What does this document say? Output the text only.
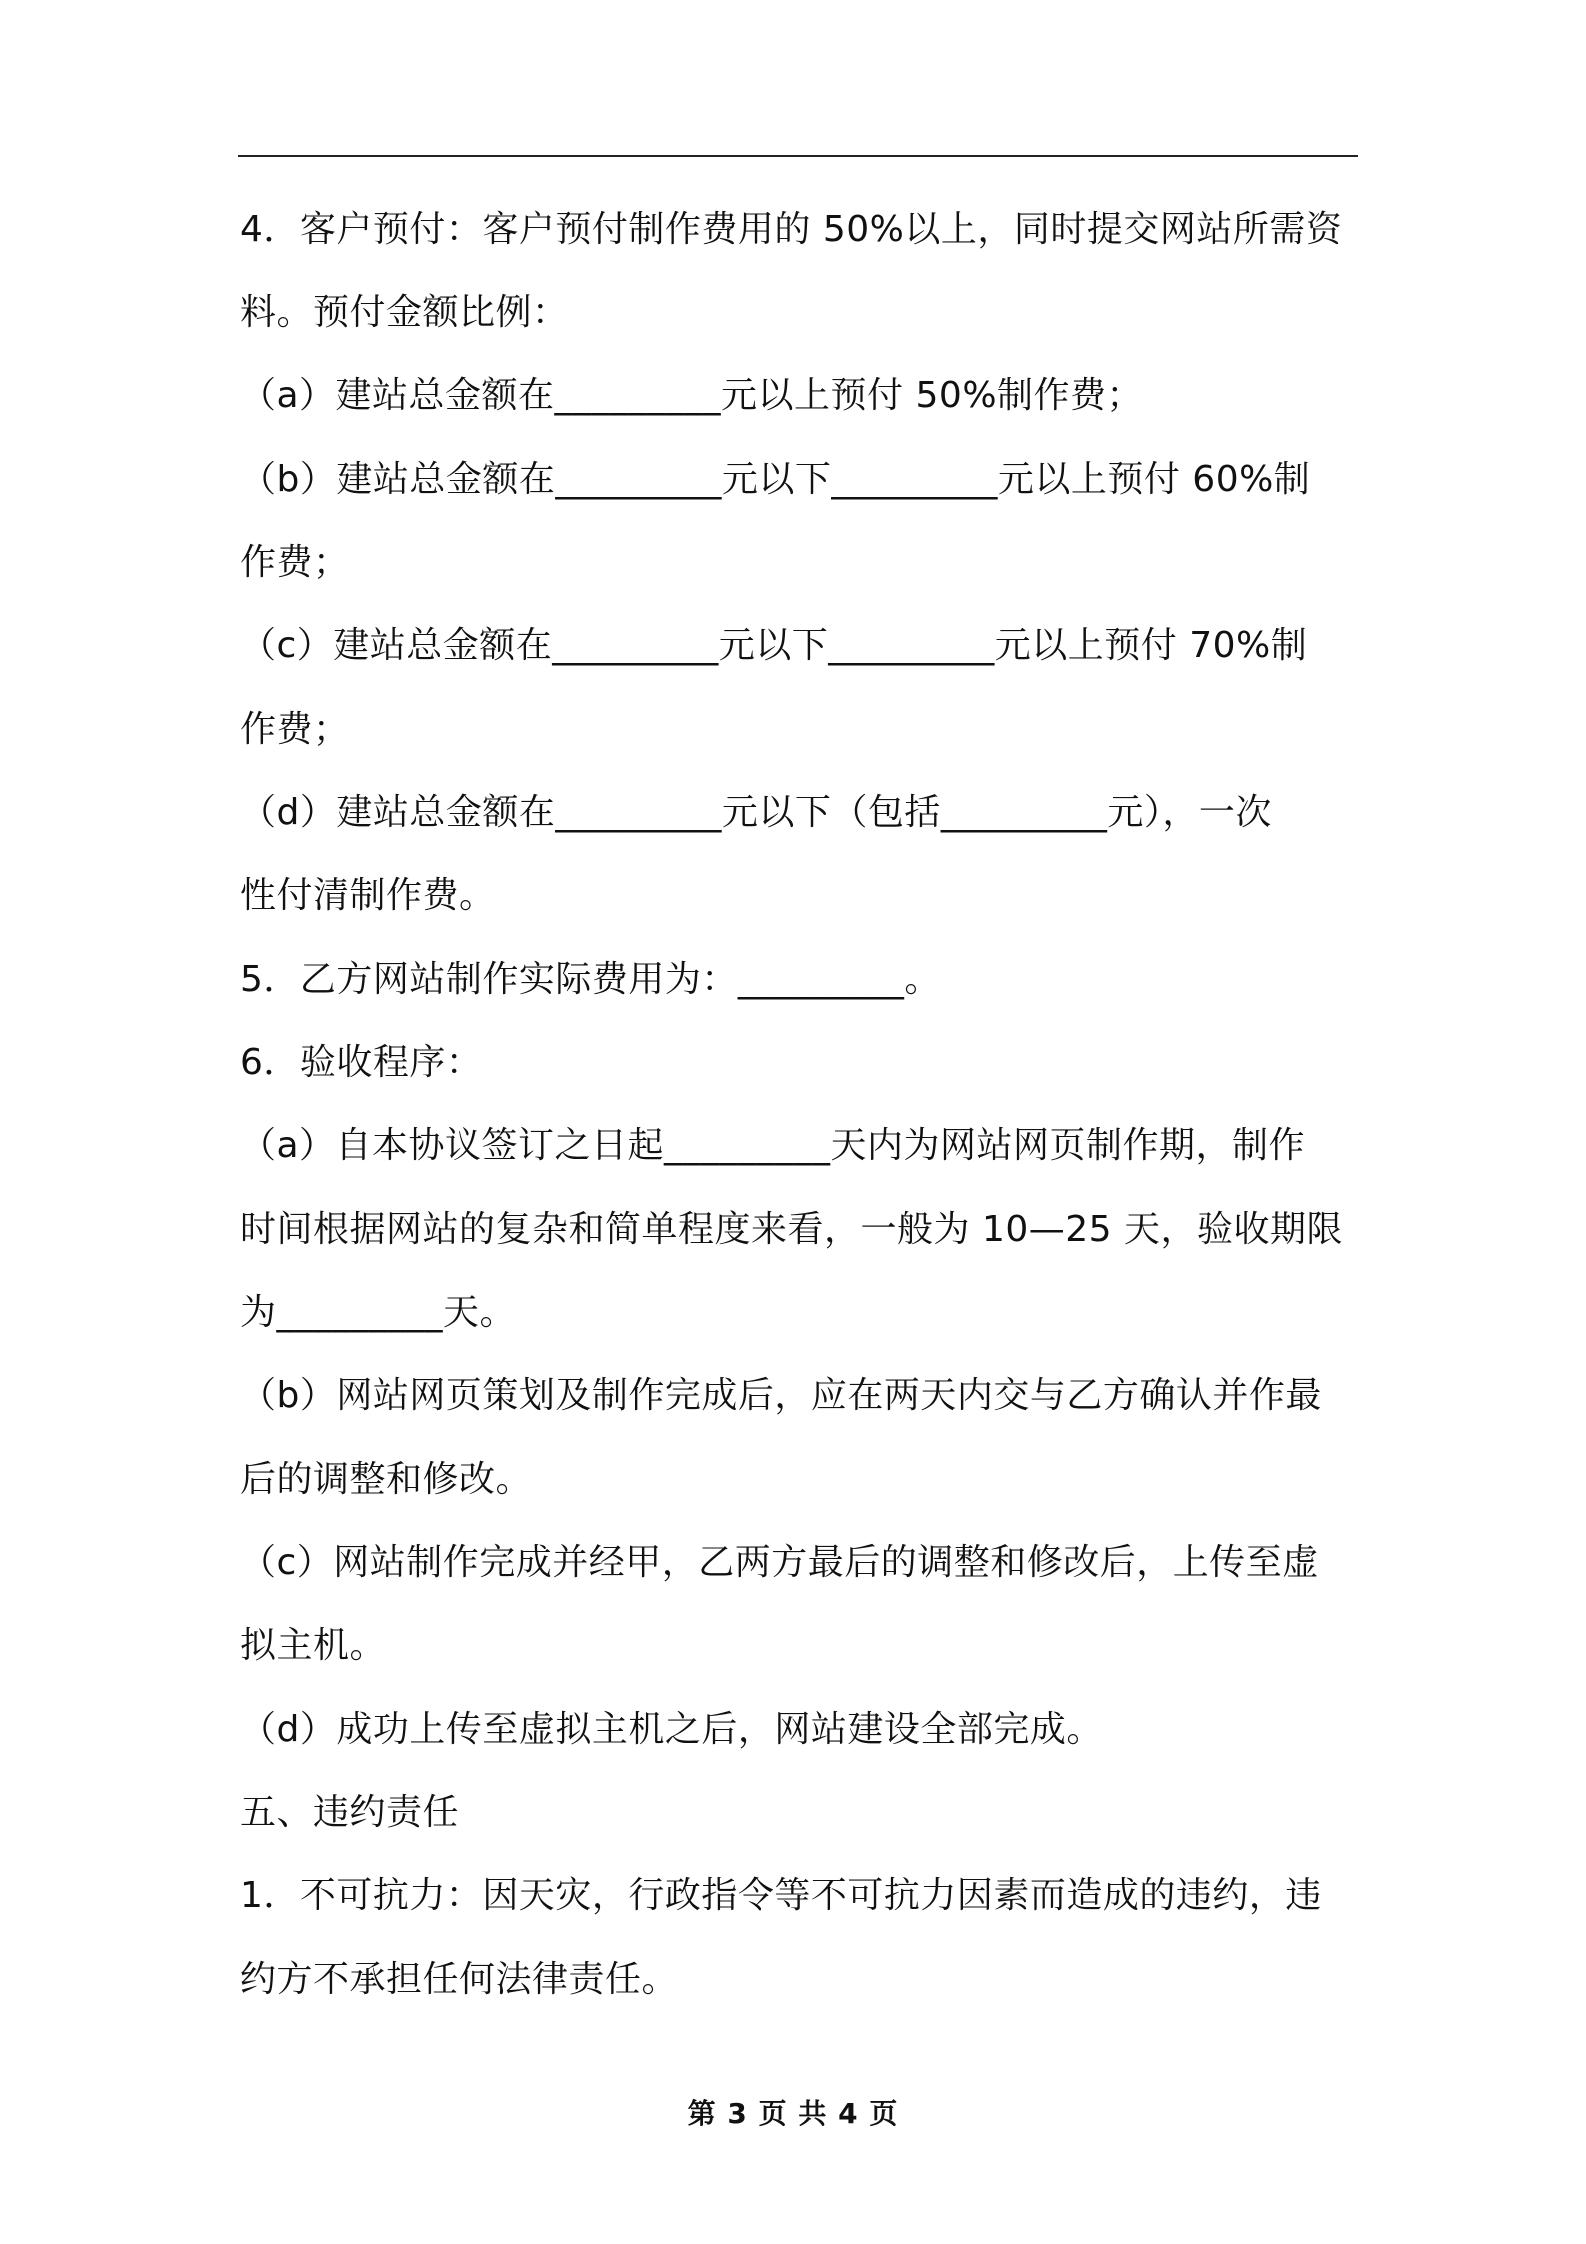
4．客户预付：客户预付制作费用的 50%以上，同时提交网站所需资
料。预付金额比例：
（a）建站总金额在_________元以上预付 50%制作费；
（b）建站总金额在_________元以下_________元以上预付 60%制
作费；
（c）建站总金额在_________元以下_________元以上预付 70%制
作费；
（d）建站总金额在_________元以下（包括_________元），一次
性付清制作费。
5．乙方网站制作实际费用为：_________。
6．验收程序：
（a）自本协议签订之日起_________天内为网站网页制作期，制作
时间根据网站的复杂和简单程度来看，一般为 10—25 天，验收期限
为_________天。
（b）网站网页策划及制作完成后，应在两天内交与乙方确认并作最
后的调整和修改。
（c）网站制作完成并经甲，乙两方最后的调整和修改后，上传至虚
拟主机。
（d）成功上传至虚拟主机之后，网站建设全部完成。
五、违约责任
1．不可抗力：因天灾，行政指令等不可抗力因素而造成的违约，违
约方不承担任何法律责任。
第 3 页 共 4 页
